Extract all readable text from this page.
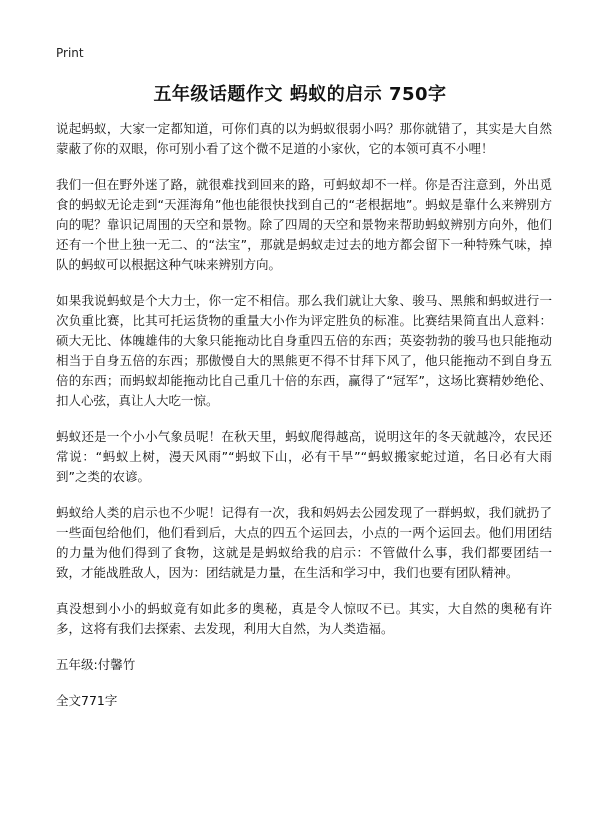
Print
五年级话题作文 蚂蚁的启示 750字

说起蚂蚁，大家一定都知道，可你们真的以为蚂蚁很弱小吗？那你就错了，其实是大自然蒙蔽了你的双眼，你可别小看了这个微不足道的小家伙，它的本领可真不小哩！

我们一但在野外迷了路，就很难找到回来的路，可蚂蚁却不一样。你是否注意到，外出觅食的蚂蚁无论走到“天涯海角”他也能很快找到自己的“老根据地”。蚂蚁是靠什么来辨别方向的呢？靠识记周围的天空和景物。除了四周的天空和景物来帮助蚂蚁辨别方向外，他们还有一个世上独一无二、的“法宝”，那就是蚂蚁走过去的地方都会留下一种特殊气味，掉队的蚂蚁可以根据这种气味来辨别方向。

如果我说蚂蚁是个大力士，你一定不相信。那么我们就让大象、骏马、黑熊和蚂蚁进行一次负重比赛，比其可托运货物的重量大小作为评定胜负的标准。比赛结果简直出人意料：硕大无比、体魄雄伟的大象只能拖动比自身重四五倍的东西；英姿勃勃的骏马也只能拖动相当于自身五倍的东西；那傲慢自大的黑熊更不得不甘拜下风了，他只能拖动不到自身五倍的东西；而蚂蚁却能拖动比自己重几十倍的东西，赢得了“冠军”，这场比赛精妙绝伦、扣人心弦，真让人大吃一惊。

蚂蚁还是一个小小气象员呢！在秋天里，蚂蚁爬得越高，说明这年的冬天就越冷，农民还常说：“蚂蚁上树，漫天风雨”“蚂蚁下山，必有干旱”“蚂蚁搬家蛇过道，名日必有大雨到”之类的农谚。

蚂蚁给人类的启示也不少呢！记得有一次，我和妈妈去公园发现了一群蚂蚁，我们就扔了一些面包给他们，他们看到后，大点的四五个运回去，小点的一两个运回去。他们用团结的力量为他们得到了食物，这就是是蚂蚁给我的启示：不管做什么事，我们都要团结一致，才能战胜敌人，因为：团结就是力量，在生活和学习中，我们也要有团队精神。

真没想到小小的蚂蚁竟有如此多的奥秘，真是令人惊叹不已。其实，大自然的奥秘有许多，这将有我们去探索、去发现，利用大自然，为人类造福。

五年级:付馨竹

全文771字
